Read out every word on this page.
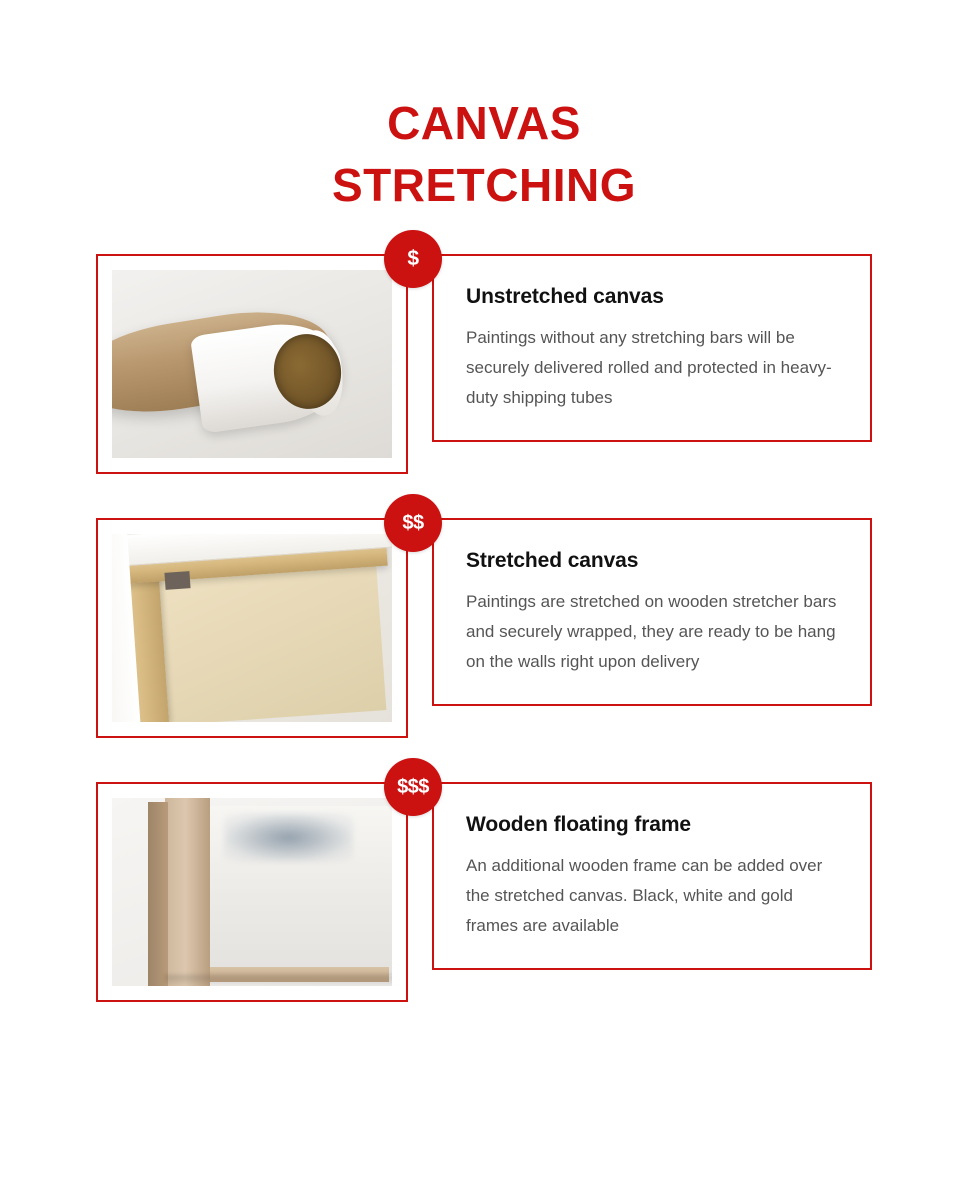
CANVAS
STRETCHING
$
Unstretched canvas

Paintings without any stretching bars will be securely delivered rolled and protected in heavy-duty shipping tubes

$$
Stretched canvas

Paintings are stretched on wooden stretcher bars and securely wrapped, they are ready to be hang on the walls right upon delivery

$$$
Wooden floating frame

An additional wooden frame can be added over the stretched canvas. Black, white and gold frames are available
